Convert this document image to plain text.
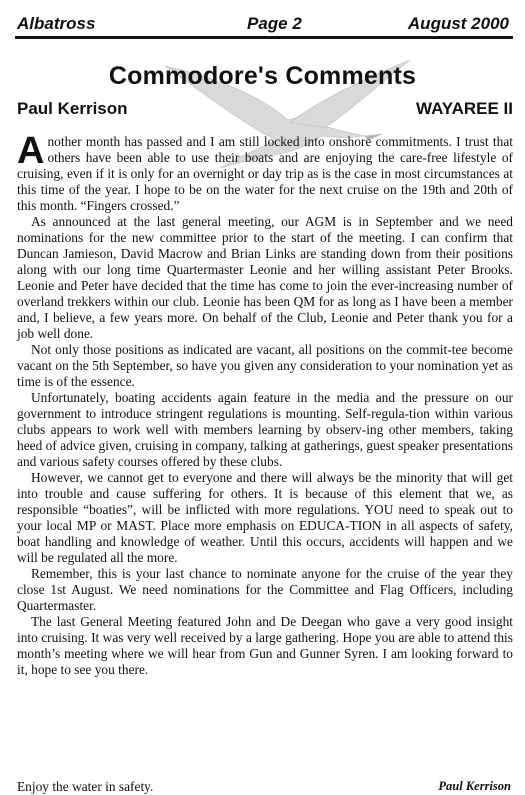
Albatross	Page 2	August 2000
Commodore's Comments
Paul Kerrison	WAYAREE II

Another month has passed and I am still locked into onshore commitments. I trust that others have been able to use their boats and are enjoying the care-free lifestyle of cruising, even if it is only for an overnight or day trip as is the case in most circumstances at this time of the year. I hope to be on the water for the next cruise on the 19th and 20th of this month. “Fingers crossed.”

As announced at the last general meeting, our AGM is in September and we need nominations for the new committee prior to the start of the meeting. I can confirm that Duncan Jamieson, David Macrow and Brian Links are standing down from their positions along with our long time Quartermaster Leonie and her willing assistant Peter Brooks. Leonie and Peter have decided that the time has come to join the ever-increasing number of overland trekkers within our club. Leonie has been QM for as long as I have been a member and, I believe, a few years more. On behalf of the Club, Leonie and Peter thank you for a job well done.

Not only those positions as indicated are vacant, all positions on the commit-tee become vacant on the 5th September, so have you given any consideration to your nomination yet as time is of the essence.

Unfortunately, boating accidents again feature in the media and the pressure on our government to introduce stringent regulations is mounting. Self-regula-tion within various clubs appears to work well with members learning by observ-ing other members, taking heed of advice given, cruising in company, talking at gatherings, guest speaker presentations and various safety courses offered by these clubs.

However, we cannot get to everyone and there will always be the minority that will get into trouble and cause suffering for others. It is because of this element that we, as responsible “boaties”, will be inflicted with more regulations. YOU need to speak out to your local MP or MAST. Place more emphasis on EDUCA-TION in all aspects of safety, boat handling and knowledge of weather. Until this occurs, accidents will happen and we will be regulated all the more.

Remember, this is your last chance to nominate anyone for the cruise of the year they close 1st August. We need nominations for the Committee and Flag Officers, including Quartermaster.

The last General Meeting featured John and De Deegan who gave a very good insight into cruising. It was very well received by a large gathering. Hope you are able to attend this month’s meeting where we will hear from Gun and Gunner Syren. I am looking forward to it, hope to see you there.

Enjoy the water in safety.	Paul Kerrison
